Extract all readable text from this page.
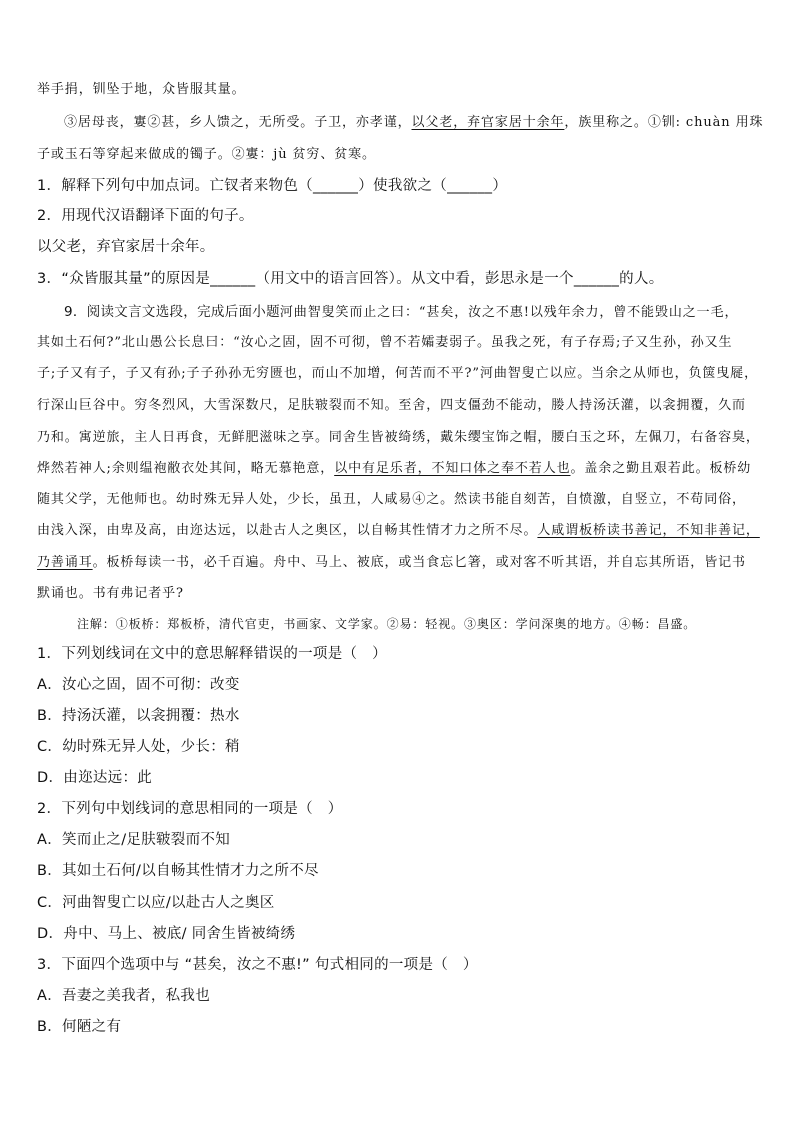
举手捐，钏坠于地，众皆服其量。
③居母丧，寠②甚，乡人馈之，无所受。子卫，亦孝谨，以父老，弃官家居十余年，族里称之。①钏: chuàn 用珠
子或玉石等穿起来做成的镯子。②寠：jù 贫穷、贫寒。
1．解释下列句中加点词。亡钗者来物色（______）使我欲之（______）
2．用现代汉语翻译下面的句子。
以父老，弃官家居十余年。
3．“众皆服其量”的原因是______（用文中的语言回答）。从文中看，彭思永是一个______的人。
9．阅读文言文选段，完成后面小题河曲智叟笑而止之曰：“甚矣，汝之不惠!以残年余力，曾不能毁山之一毛，
其如土石何?”北山愚公长息曰：“汝心之固，固不可彻，曾不若孀妻弱子。虽我之死，有子存焉;子又生孙，孙又生
子;子又有子，子又有孙;子子孙孙无穷匮也，而山不加增，何苦而不平?”河曲智叟亡以应。当余之从师也，负箧曳屣，
行深山巨谷中。穷冬烈风，大雪深数尺，足肤皲裂而不知。至舍，四支僵劲不能动，媵人持汤沃灌，以衾拥覆，久而
乃和。寓逆旅，主人日再食，无鲜肥滋味之享。同舍生皆被绮绣，戴朱缨宝饰之帽，腰白玉之环，左佩刀，右备容臭，
烨然若神人;余则缊袍敝衣处其间，略无慕艳意，以中有足乐者，不知口体之奉不若人也。盖余之勤且艰若此。板桥幼
随其父学，无他师也。幼时殊无异人处，少长，虽丑，人咸易④之。然读书能自刻苦，自愤激，自竖立，不苟同俗，
由浅入深，由卑及高，由迩达远，以赴古人之奥区，以自畅其性情才力之所不尽。人咸谓板桥读书善记，不知非善记，
乃善诵耳。板桥每读一书，必千百遍。舟中、马上、被底，或当食忘匕箸，或对客不听其语，并自忘其所语，皆记书
默诵也。书有弗记者乎?
注解：①板桥：郑板桥，清代官吏，书画家、文学家。②易：轻视。③奥区：学问深奥的地方。④畅：昌盛。
1．下列划线词在文中的意思解释错误的一项是（　）
A．汝心之固，固不可彻：改变
B．持汤沃灌，以衾拥覆：热水
C．幼时殊无异人处，少长：稍
D．由迩达远：此
2．下列句中划线词的意思相同的一项是（　）
A．笑而止之/足肤皲裂而不知
B．其如土石何/以自畅其性情才力之所不尽
C．河曲智叟亡以应/以赴古人之奥区
D．舟中、马上、被底/ 同舍生皆被绮绣
3．下面四个选项中与 “甚矣，汝之不惠!” 句式相同的一项是（　）
A．吾妻之美我者，私我也
B．何陋之有
